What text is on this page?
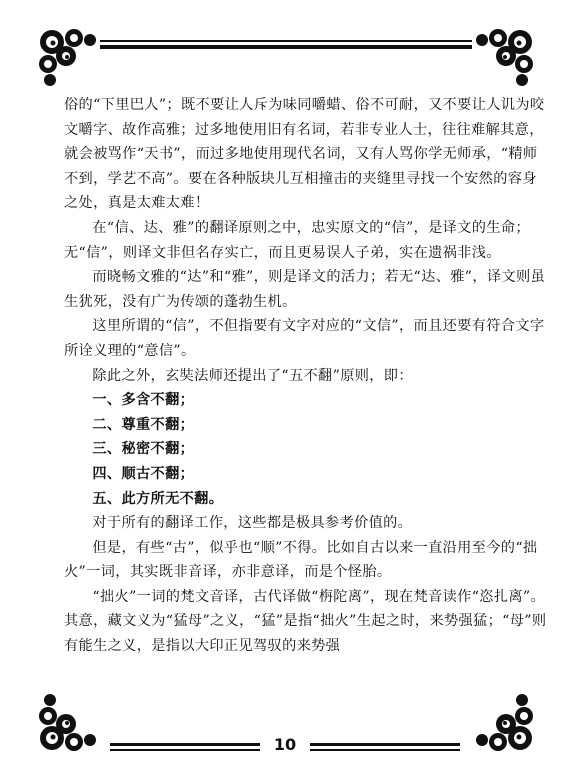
俗的“下里巴人”；既不要让人斥为味同嚼蜡、俗不可耐，又不要让人讥为咬文嚼字、故作高雅；过多地使用旧有名词，若非专业人士，往往难解其意，就会被骂作“天书”，而过多地使用现代名词，又有人骂你学无师承，“精师不到，学艺不高”。要在各种版块儿互相撞击的夹缝里寻找一个安然的容身之处，真是太难太难！

在“信、达、雅”的翻译原则之中，忠实原文的“信”，是译文的生命；无“信”，则译文非但名存实亡，而且更易误人子弟，实在遗祸非浅。

而晓畅文雅的“达”和“雅”，则是译文的活力；若无“达、雅”，译文则虽生犹死，没有广为传颂的蓬勃生机。

这里所谓的“信”，不但指要有文字对应的“文信”，而且还要有符合文字所诠义理的“意信”。

除此之外，玄奘法师还提出了“五不翻”原则，即：

一、多含不翻；

二、尊重不翻；

三、秘密不翻；

四、顺古不翻；

五、此方所无不翻。

对于所有的翻译工作，这些都是极具参考价值的。

但是，有些“古”，似乎也“顺”不得。比如自古以来一直沿用至今的“拙火”一词，其实既非音译，亦非意译，而是个怪胎。

“拙火”一词的梵文音译，古代译做“栴陀离”，现在梵音读作“恣扎离”。其意，藏文义为“猛母”之义，“猛”是指“拙火”生起之时，来势强猛；“母”则有能生之义，是指以大印正见驾驭的来势强

10
